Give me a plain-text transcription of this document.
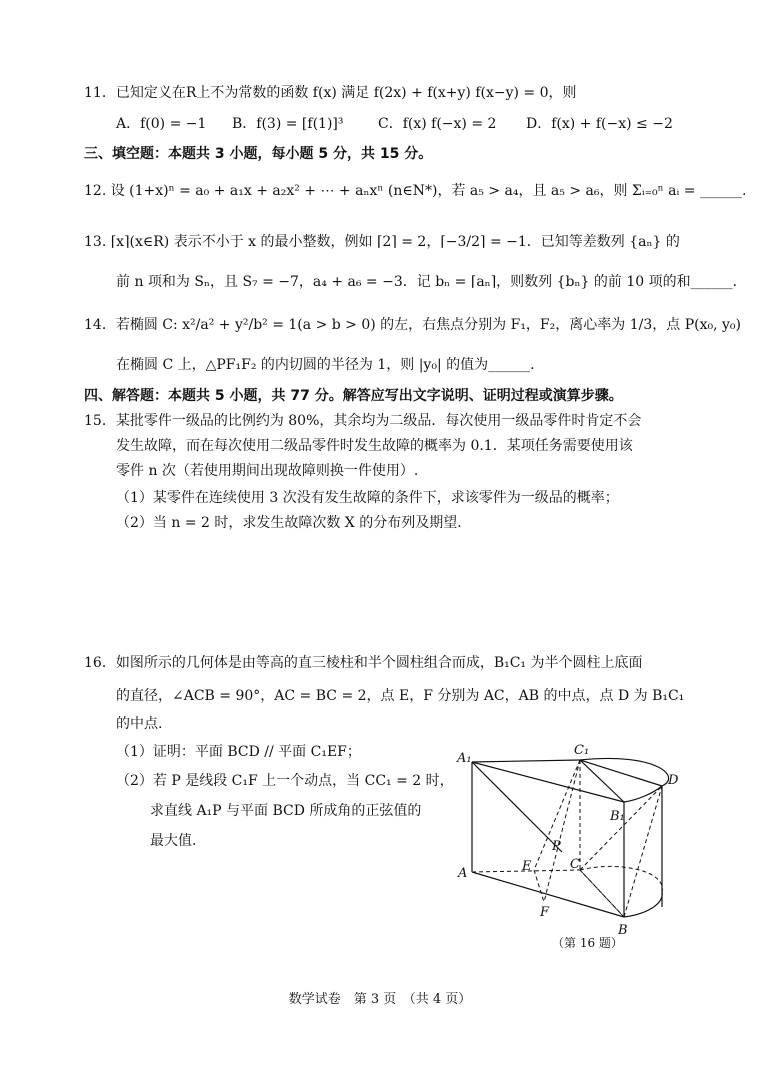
11．已知定义在R上不为常数的函数 f(x) 满足 f(2x) + f(x+y) f(x−y) = 0，则
A．f(0) = −1 B．f(3) = [f(1)]³ C．f(x) f(−x) = 2 D．f(x) + f(−x) ≤ −2
三、填空题：本题共 3 小题，每小题 5 分，共 15 分。
12. 设 (1+x)ⁿ = a₀ + a₁x + a₂x² + ⋯ + aₙxⁿ (n∈N*)，若 a₅ > a₄，且 a₅ > a₆，则 Σᵢ₌₀ⁿ aᵢ = ______.
13. ⌈x⌉(x∈R) 表示不小于 x 的最小整数，例如 ⌈2⌉ = 2，⌈−3/2⌉ = −1．已知等差数列 {aₙ} 的
前 n 项和为 Sₙ，且 S₇ = −7，a₄ + a₆ = −3．记 bₙ = ⌈aₙ⌉，则数列 {bₙ} 的前 10 项的和______.
14．若椭圆 C: x²/a² + y²/b² = 1(a > b > 0) 的左，右焦点分别为 F₁，F₂，离心率为 1/3，点 P(x₀, y₀)
在椭圆 C 上，△PF₁F₂ 的内切圆的半径为 1，则 |y₀| 的值为______.
四、解答题：本题共 5 小题，共 77 分。解答应写出文字说明、证明过程或演算步骤。
15．某批零件一级品的比例约为 80%，其余均为二级品．每次使用一级品零件时肯定不会
发生故障，而在每次使用二级品零件时发生故障的概率为 0.1．某项任务需要使用该
零件 n 次（若使用期间出现故障则换一件使用）.
（1）某零件在连续使用 3 次没有发生故障的条件下，求该零件为一级品的概率；
（2）当 n = 2 时，求发生故障次数 X 的分布列及期望.
16．如图所示的几何体是由等高的直三棱柱和半个圆柱组合而成，B₁C₁ 为半个圆柱上底面
的直径，∠ACB = 90°，AC = BC = 2，点 E，F 分别为 AC，AB 的中点，点 D 为 B₁C₁
的中点.
（1）证明：平面 BCD // 平面 C₁EF；
（2）若 P 是线段 C₁F 上一个动点，当 CC₁ = 2 时，
求直线 A₁P 与平面 BCD 所成角的正弦值的
最大值.
A₁
C₁
D
B₁
P
E	C
A
F
B
（第 16 题）
数学试卷　第 3 页　（共 4 页）
